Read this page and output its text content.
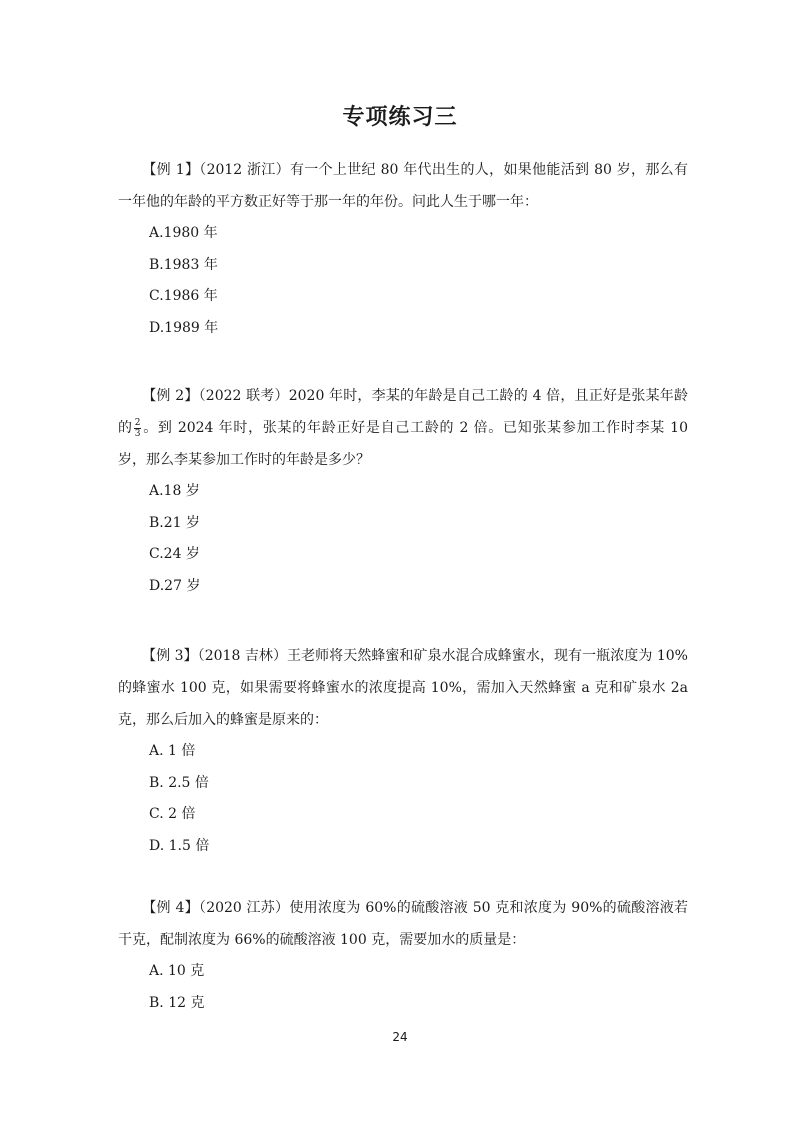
专项练习三
【例 1】（2012 浙江）有一个上世纪 80 年代出生的人，如果他能活到 80 岁，那么有一年他的年龄的平方数正好等于那一年的年份。问此人生于哪一年：
A.1980 年
B.1983 年
C.1986 年
D.1989 年
【例 2】（2022 联考）2020 年时，李某的年龄是自己工龄的 4 倍，且正好是张某年龄的 $\frac{2}{3}$ 。到 2024 年时，张某的年龄正好是自己工龄的 2 倍。已知张某参加工作时李某 10 岁，那么李某参加工作时的年龄是多少？
A.18 岁
B.21 岁
C.24 岁
D.27 岁
【例 3】（2018 吉林）王老师将天然蜂蜜和矿泉水混合成蜂蜜水，现有一瓶浓度为 10%的蜂蜜水 100 克，如果需要将蜂蜜水的浓度提高 10%，需加入天然蜂蜜 a 克和矿泉水 2a 克，那么后加入的蜂蜜是原来的：
A. 1 倍
B. 2.5 倍
C. 2 倍
D. 1.5 倍
【例 4】（2020 江苏）使用浓度为 60%的硫酸溶液 50 克和浓度为 90%的硫酸溶液若干克，配制浓度为 66%的硫酸溶液 100 克，需要加水的质量是：
A. 10 克
B. 12 克
24
